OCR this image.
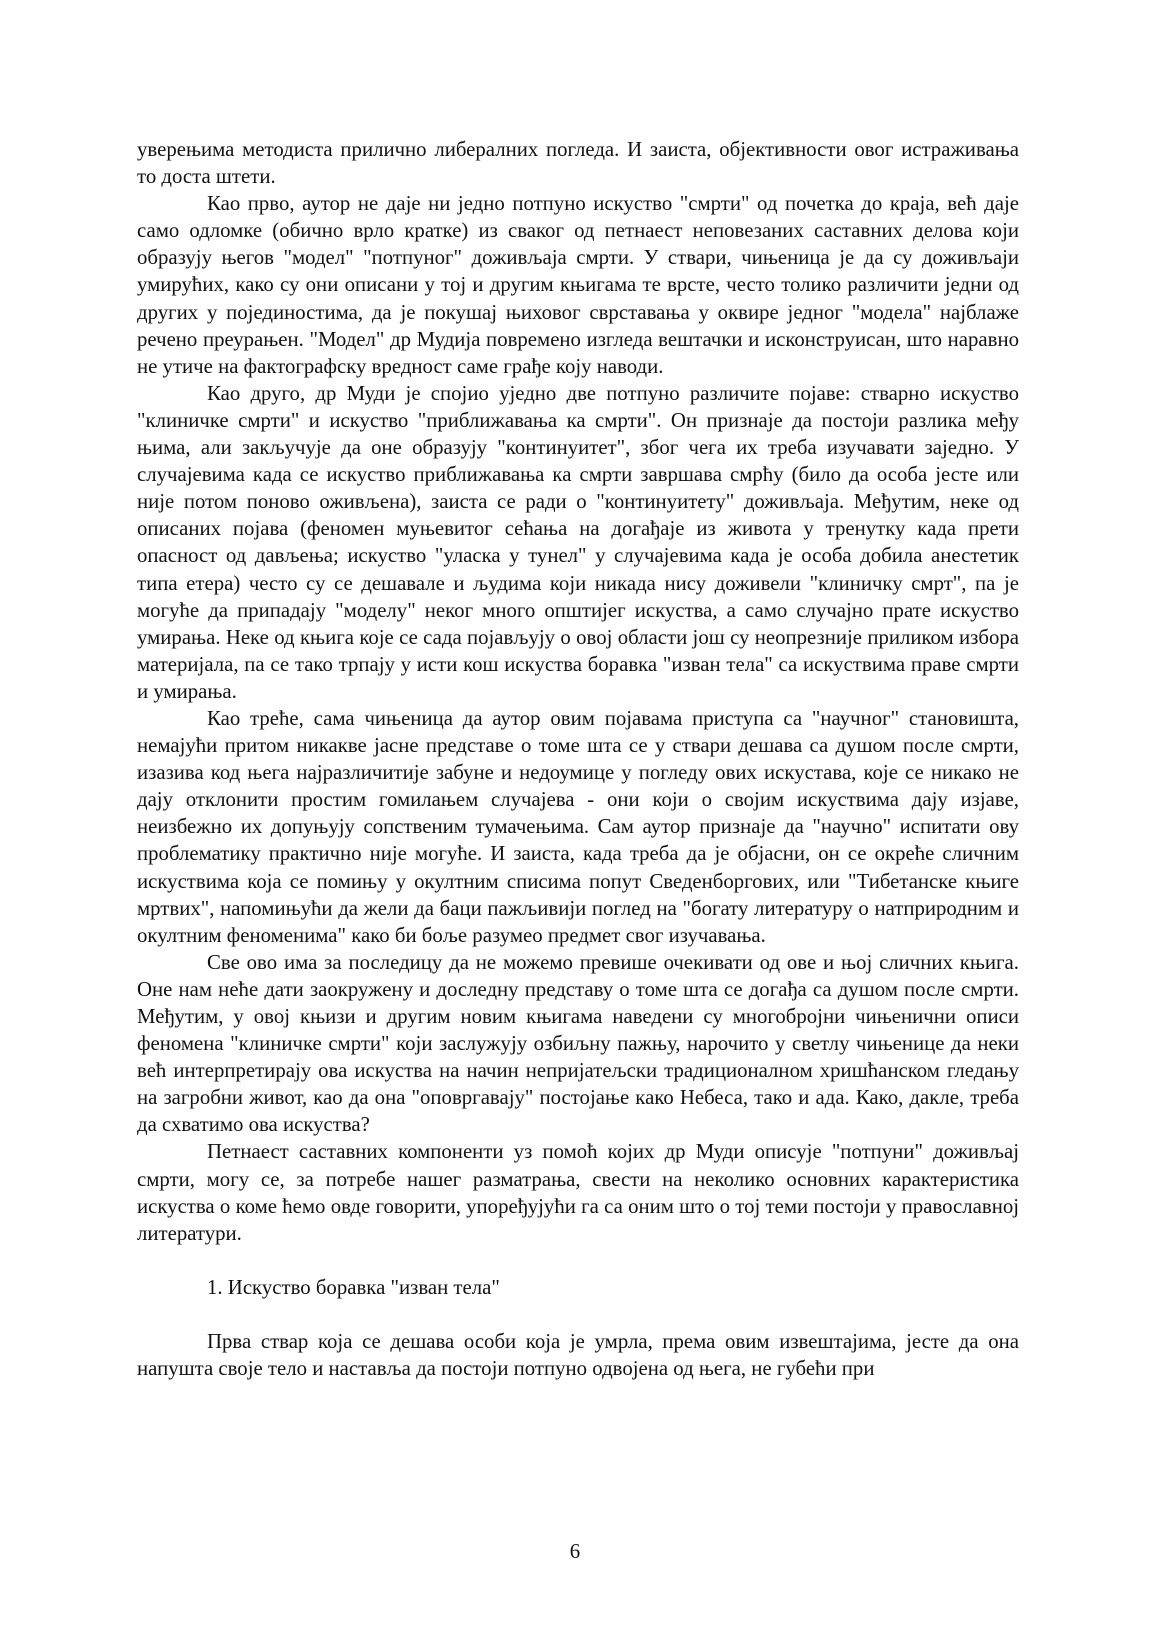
уверењима методиста прилично либералних погледа. И заиста, објективности овог истраживања то доста штети.

Као прво, аутор не даје ни једно потпуно искуство "смрти" од почетка до краја, већ даје само одломке (обично врло кратке) из сваког од петнаест неповезаних саставних делова који образују његов "модел" "потпуног" доживљаја смрти. У ствари, чињеница је да су доживљаји умирућих, како су они описани у тој и другим књигама те врсте, често толико различити једни од других у појединостима, да је покушај њиховог сврставања у оквире једног "модела" најблаже речено преурањен. "Модел" др Мудија повремено изгледа вештачки и исконструисан, што наравно не утиче на фактографску вредност саме грађе коју наводи.

Као друго, др Муди је спојио уједно две потпуно различите појаве: стварно искуство "клиничке смрти" и искуство "приближавања ка смрти". Он признаје да постоји разлика међу њима, али закључује да оне образују "континуитет", због чега их треба изучавати заједно. У случајевима када се искуство приближавања ка смрти завршава смрћу (било да особа јесте или није потом поново оживљена), заиста се ради о "континуитету" доживљаја. Међутим, неке од описаних појава (феномен муњевитог сећања на догађаје из живота у тренутку када прети опасност од дављења; искуство "уласка у тунел" у случајевима када је особа добила анестетик типа етера) често су се дешавале и људима који никада нису доживели "клиничку смрт", па је могуће да припадају "моделу" неког много општијег искуства, а само случајно прате искуство умирања. Неке од књига које се сада појављују о овој области још су неопрезније приликом избора материјала, па се тако трпају у исти кош искуства боравка "изван тела" са искуствима праве смрти и умирања.

Као треће, сама чињеница да аутор овим појавама приступа са "научног" становишта, немајући притом никакве јасне представе о томе шта се у ствари дешава са душом после смрти, изазива код њега најразличитије забуне и недоумице у погледу ових искустава, које се никако не дају отклонити простим гомилањем случајева - они који о својим искуствима дају изјаве, неизбежно их допуњују сопственим тумачењима. Сам аутор признаје да "научно" испитати ову проблематику практично није могуће. И заиста, када треба да је објасни, он се окреће сличним искуствима која се помињу у окултним списима попут Сведенборгових, или "Тибетанске књиге мртвих", напомињући да жели да баци пажљивији поглед на "богату литературу о натприродним и окултним феноменима" како би боље разумео предмет свог изучавања.

Све ово има за последицу да не можемо превише очекивати од ове и њој сличних књига. Оне нам неће дати заокружену и доследну представу о томе шта се догађа са душом после смрти. Међутим, у овој књизи и другим новим књигама наведени су многобројни чињенични описи феномена "клиничке смрти" који заслужују озбиљну пажњу, нарочито у светлу чињенице да неки већ интерпретирају ова искуства на начин непријатељски традиционалном хришћанском гледању на загробни живот, као да она "оповргавају" постојање како Небеса, тако и ада. Како, дакле, треба да схватимо ова искуства?

Петнаест саставних компоненти уз помоћ којих др Муди описује "потпуни" доживљај смрти, могу се, за потребе нашег разматрања, свести на неколико основних карактеристика искуства о коме ћемо овде говорити, упоређујући га са оним што о тој теми постоји у православној литератури.

1. Искуство боравка "изван тела"

Прва ствар која се дешава особи која је умрла, према овим извештајима, јесте да она напушта своје тело и наставља да постоји потпуно одвојена од њега, не губећи при

6
